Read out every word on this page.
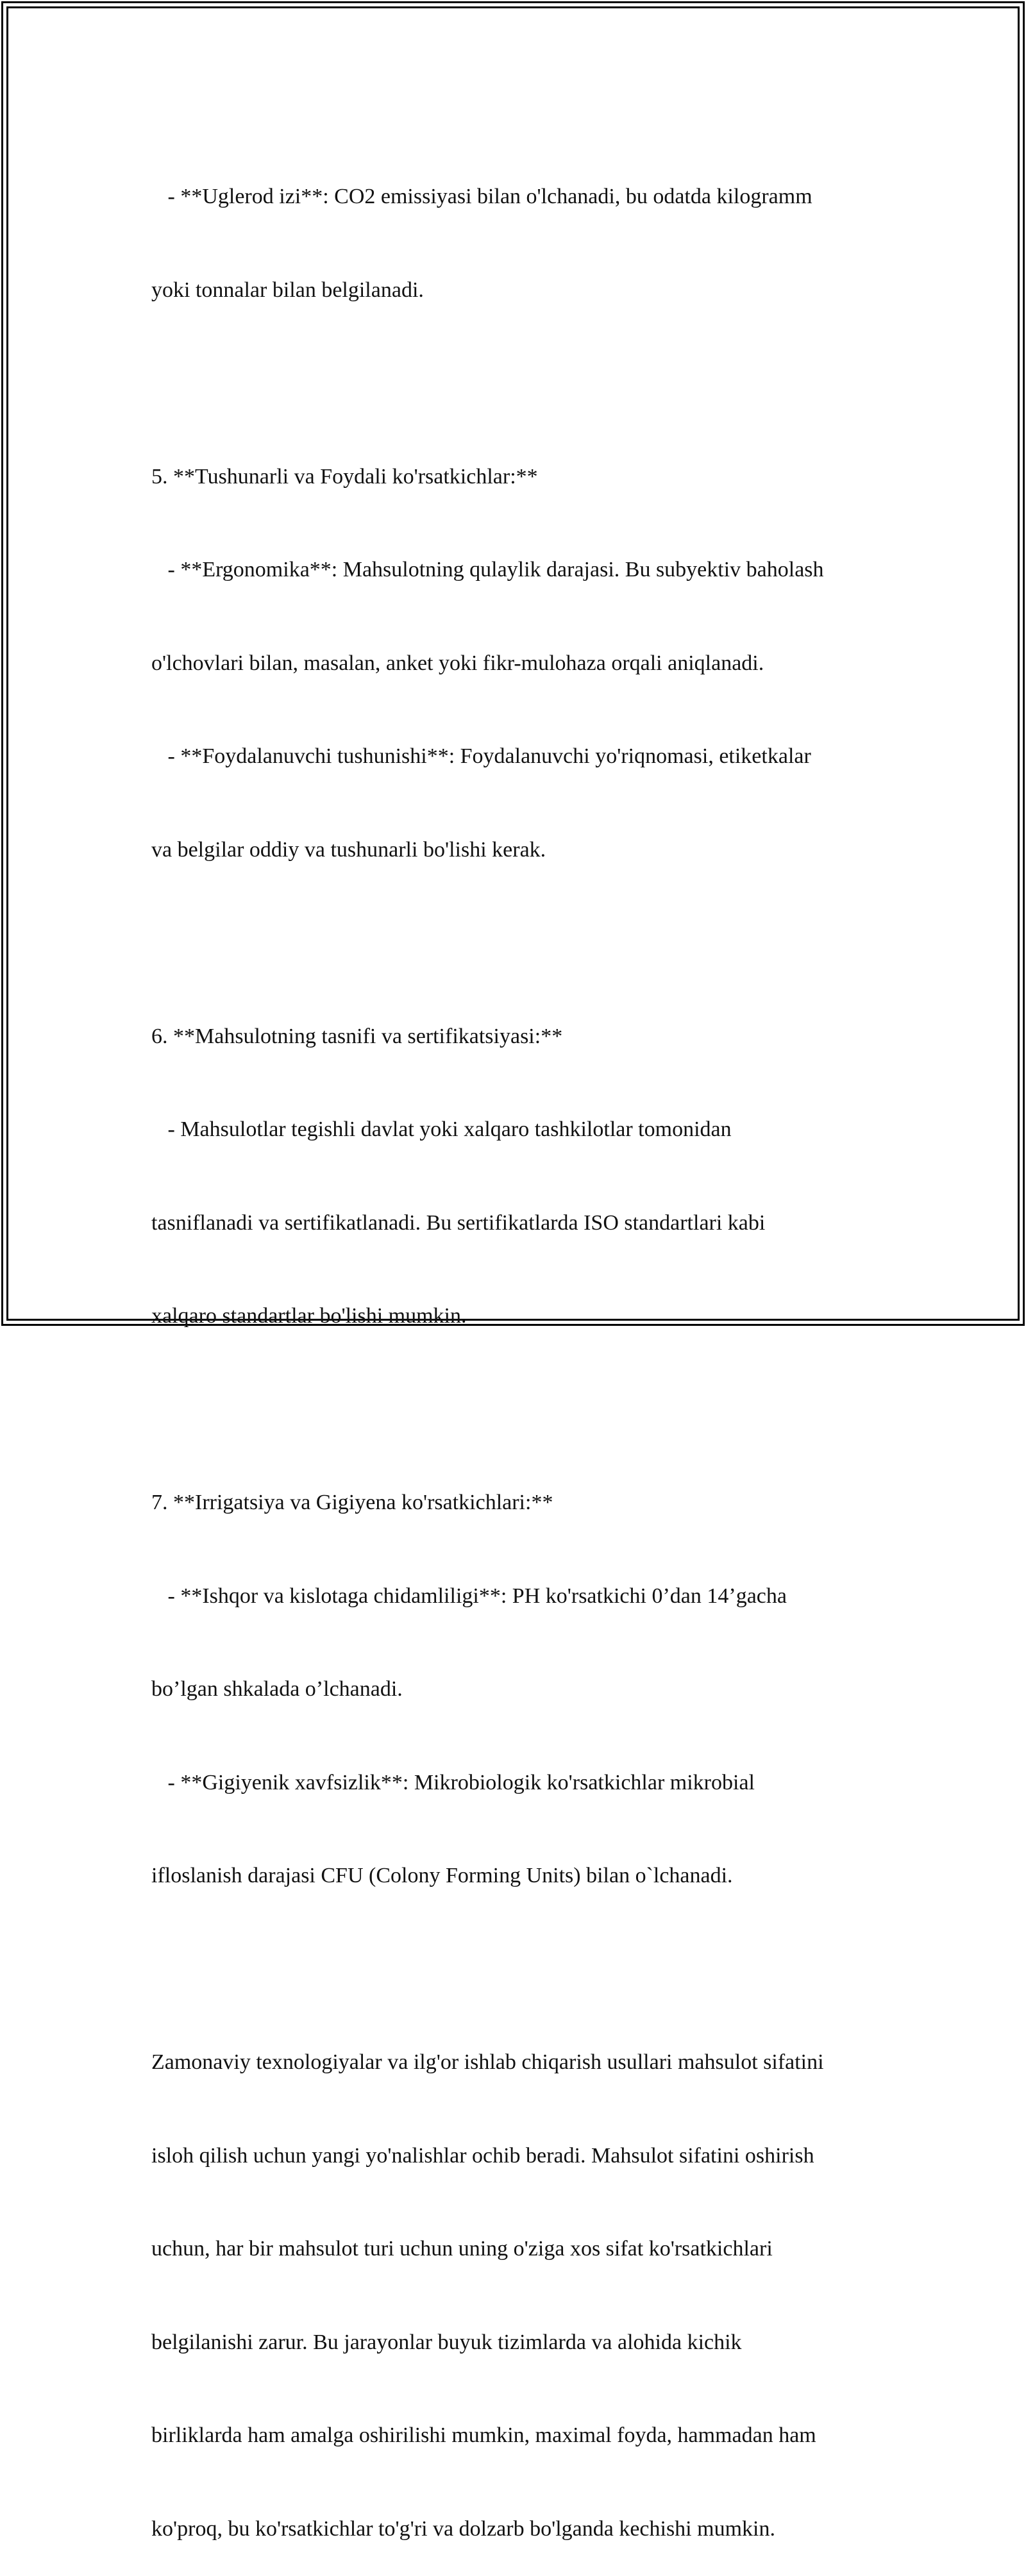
- **Uglerod izi**: CO2 emissiyasi bilan o'lchanadi, bu odatda kilogramm

yoki tonnalar bilan belgilanadi.

5. **Tushunarli va Foydali ko'rsatkichlar:**

- **Ergonomika**: Mahsulotning qulaylik darajasi. Bu subyektiv baholash

o'lchovlari bilan, masalan, anket yoki fikr-mulohaza orqali aniqlanadi.

- **Foydalanuvchi tushunishi**: Foydalanuvchi yo'riqnomasi, etiketkalar

va belgilar oddiy va tushunarli bo'lishi kerak.

6. **Mahsulotning tasnifi va sertifikatsiyasi:**

- Mahsulotlar tegishli davlat yoki xalqaro tashkilotlar tomonidan

tasniflanadi va sertifikatlanadi. Bu sertifikatlarda ISO standartlari kabi

xalqaro standartlar bo'lishi mumkin.

7. **Irrigatsiya va Gigiyena ko'rsatkichlari:**

- **Ishqor va kislotaga chidamliligi**: PH ko'rsatkichi 0’dan 14’gacha

bo’lgan shkalada o’lchanadi.

- **Gigiyenik xavfsizlik**: Mikrobiologik ko'rsatkichlar mikrobial

ifloslanish darajasi CFU (Colony Forming Units) bilan o`lchanadi.

Zamonaviy texnologiyalar va ilg'or ishlab chiqarish usullari mahsulot sifatini

isloh qilish uchun yangi yo'nalishlar ochib beradi. Mahsulot sifatini oshirish

uchun, har bir mahsulot turi uchun uning o'ziga xos sifat ko'rsatkichlari

belgilanishi zarur. Bu jarayonlar buyuk tizimlarda va alohida kichik

birliklarda ham amalga oshirilishi mumkin, maximal foyda, hammadan ham

ko'proq, bu ko'rsatkichlar to'g'ri va dolzarb bo'lganda kechishi mumkin.
